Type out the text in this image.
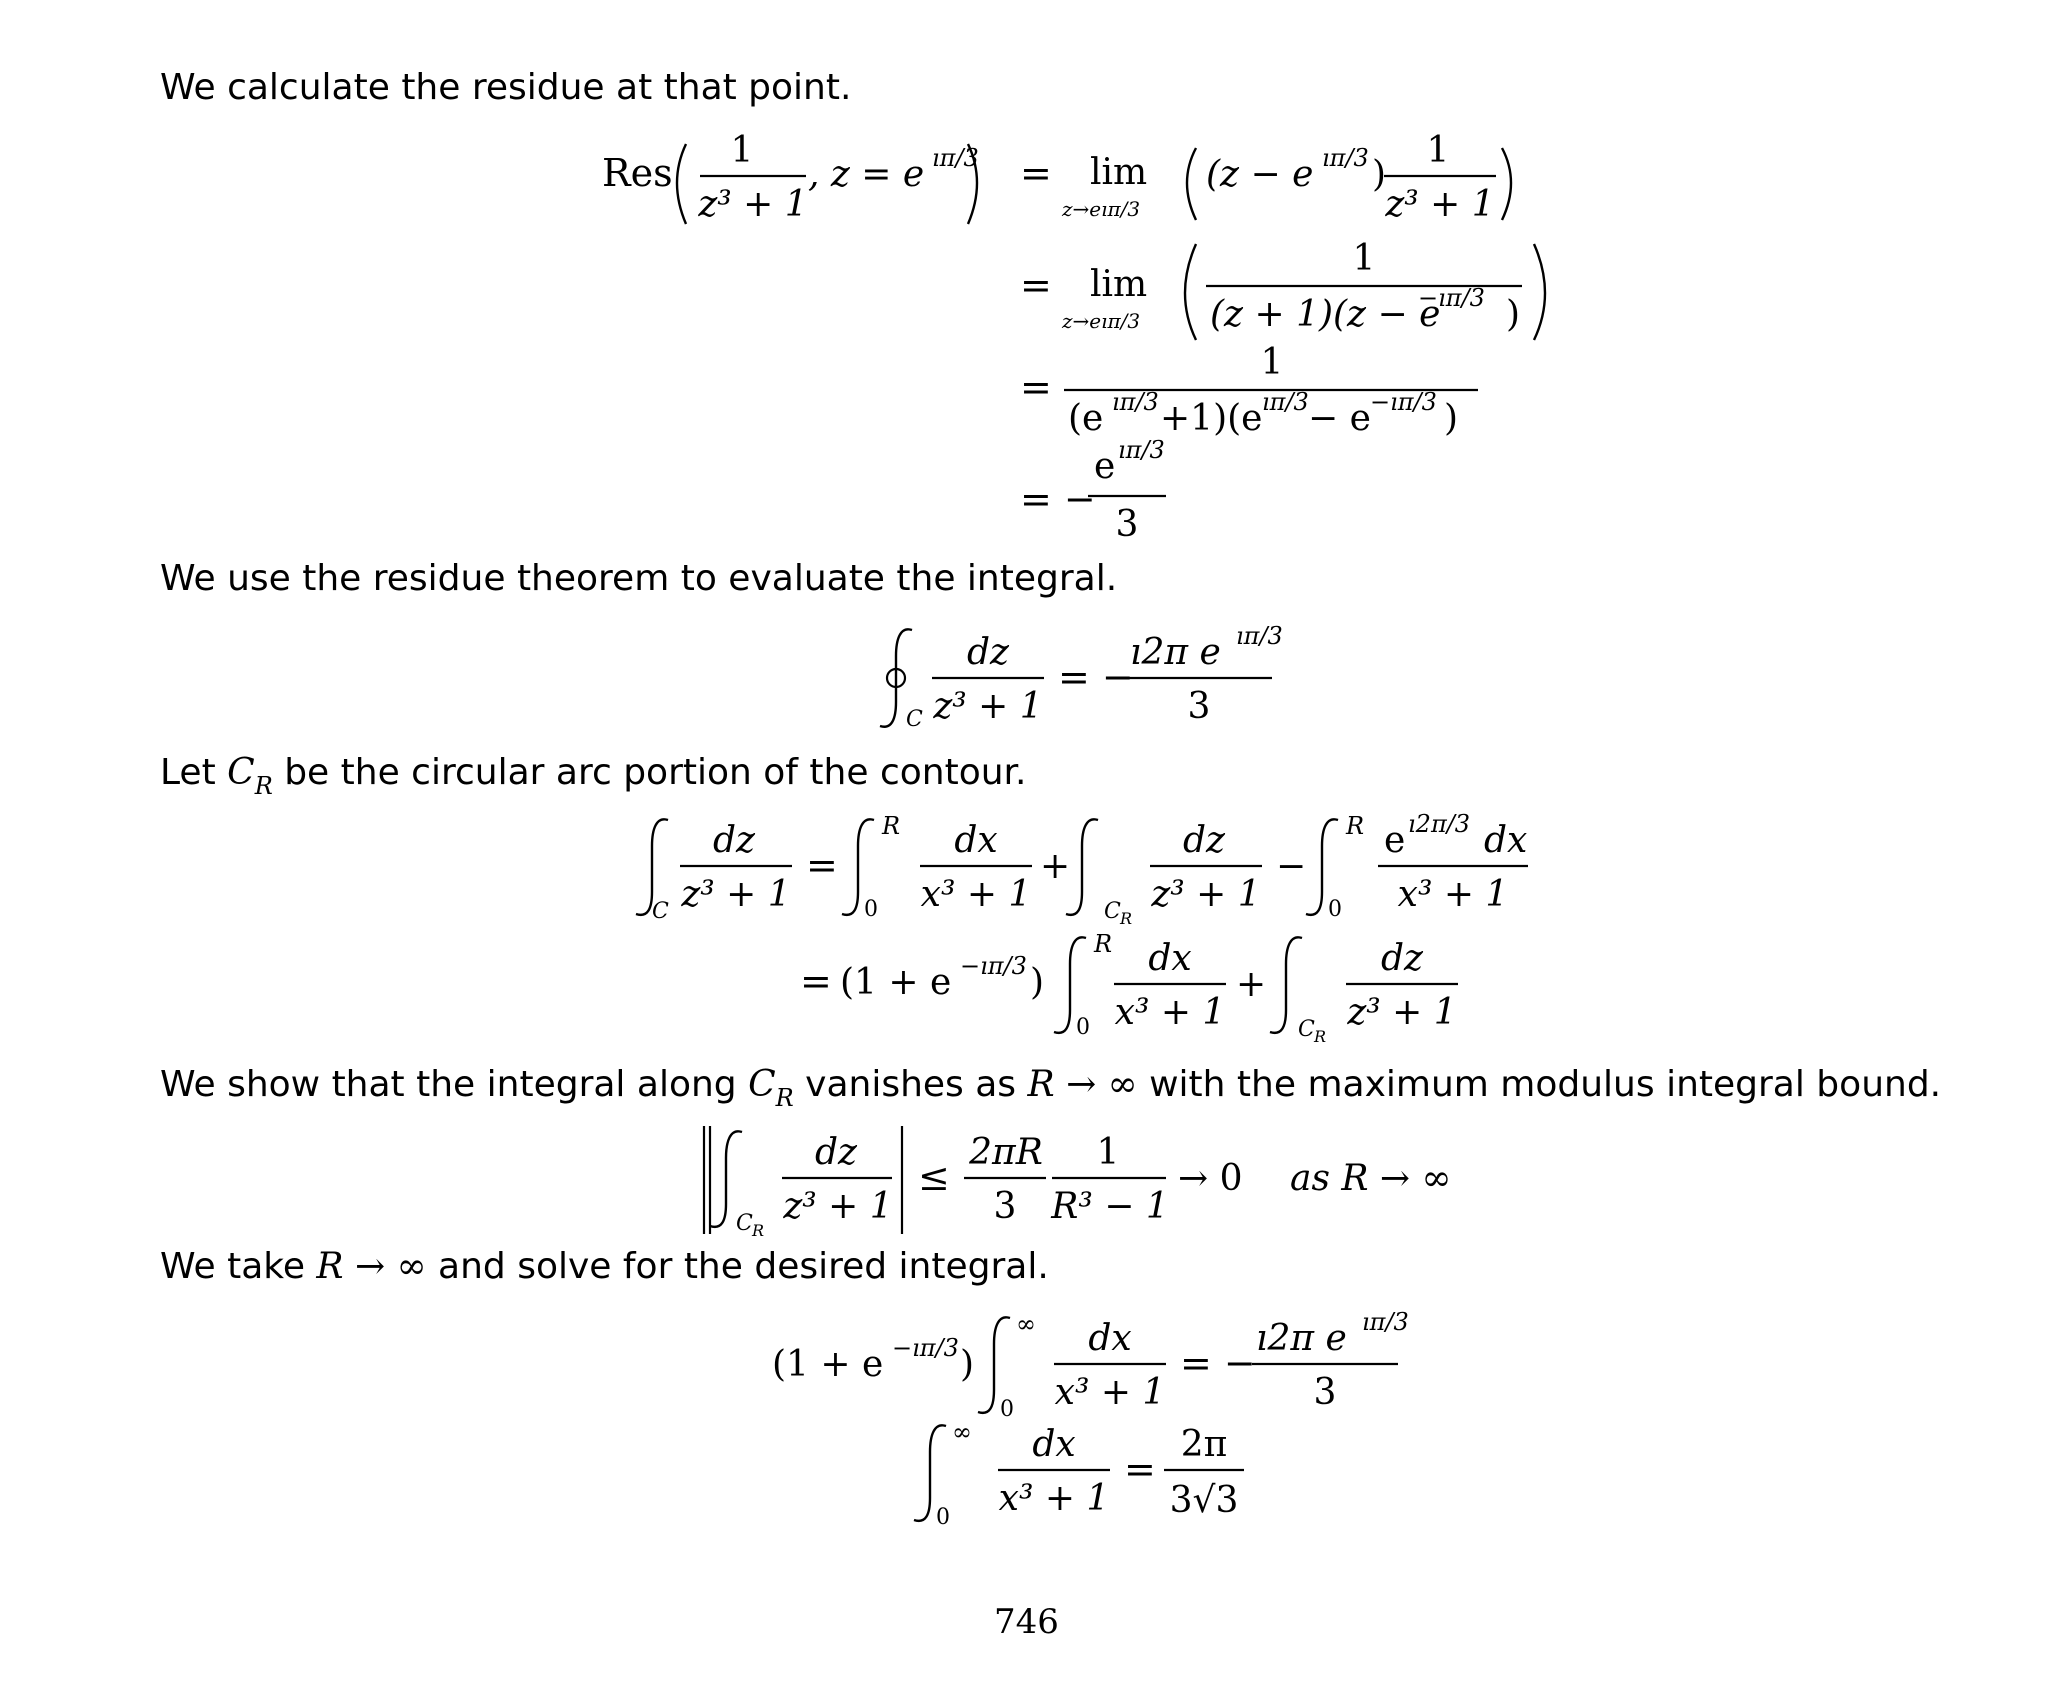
We calculate the residue at that point.
Res
1
z³ + 1
, z = e ıπ/3 = lim
z→eıπ/3
(z − e ıπ/3 )
1
z³ + 1
= lim
z→eıπ/3
1
(z + 1)(z − e
−ıπ/3 )
=
1
(e ıπ/3 +1)(e ıπ/3 − e −ıπ/3 )
= −
e ıπ/3
3
We use the residue theorem to evaluate the integral.
C
dz
z³ + 1
= −
ı2π e ıπ/3
3
Let $C_R$ be the circular arc portion of the contour.
C
dz
z³ + 1
=
R
0
dx
x³ + 1
+
C R
dz
z³ + 1
−
R
0
e ı2π/3 dx
x³ + 1
= (1 + e −ıπ/3 )
R
0
dx
x³ + 1
+
C R
dz
z³ + 1
We show that the integral along $C_R$ vanishes as R → ∞ with the maximum modulus integral bound.
C R
dz
z³ + 1
≤
2πR
3
1
R³ − 1
→ 0 as R → ∞
We take R → ∞ and solve for the desired integral.
(1 + e −ıπ/3 )
∞
0
dx
x³ + 1
= −
ı2π e ıπ/3
3
∞
0
dx
x³ + 1
=
2π
3√3
746
